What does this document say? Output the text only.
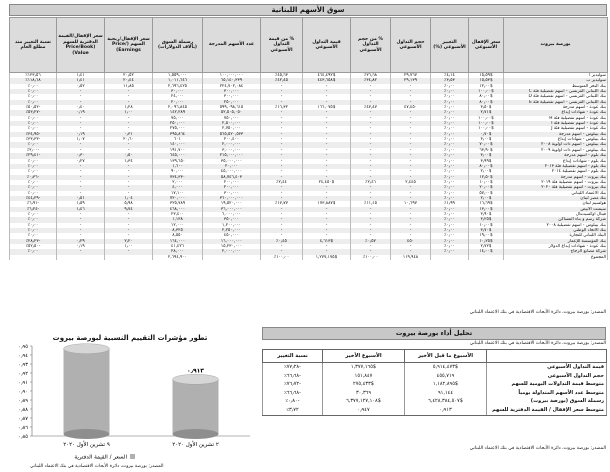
سوق الأسهم اللبنانية
بورصة بيروت	سعر الإقفال الأسبوعي	التغيير الأسبوعي (%)	حجم التداول الأسبوعي	% من حجم التداول الأسبوعي	قيمة التداول الأسبوعي	% من قيمة التداول الأسبوعي	عدد الأسهم المدرجة	رسملة السوق (بآلاف الدولارات)	سعر الإقفال/ربحية السهم (Price/ Earnings)	سعر الإقفال/القيمة الدفترية للسهم (Price/Book Value)	نسبة التغيير منذ مطلع العام
سوليدير أ	$١٥٫٥٩	٤٫١٤٪	٢٩,٧٦٧	٣٦٫٦٨٪	$٤٦٤,٤٩٢	٤٥٫٦٣٪	١٠٠,٠٠٠,٠٠٠	١,٥٥٩,٠٠٠	٢٠٫٥٢	١٫٤١	١٢٣٫٥٦٪
سوليدير ب	$١٥٫٥٣	٣٫٥٣٪	٢٩,١٣٩	٣٤٫٨٢٪	$٤٤٣,٦٥٨	٤٢٫٤٥٪	٦٥,١٤٠,٣٣٩	١,٠١١,٦٤٦	٢٠٫٤٤	١٫٤١	١١٨٫٦٨٪
بنك البحر المتوسط	$١٢٫٠٠	٠٫٠٠٪	-	-	-	-	٢٢٤,٧٠٢,٠٨٤	٢,٦٩٦,٤٢٥	١١٫٨٥	٠٫٥٢	٠٫٠٠٪
بنك اللبناني الفرنسي - أسهم تفضيلية فئة C	$١٠٠٫٠٠	٠٫٠٠٪	-	-	-	-	٣٠٠,٠٠٠	٣٠,٠٠٠	-	-	٠٫٠٠٪
بنك اللبناني الفرنسي - أسهم تفضيلية فئة D	$٨٠٫٠٠	٠٫٠٠٪	-	-	-	-	٣٠٠,٠٠٠	٢٤,٠٠٠	-	-	٠٫٠٠٪
بنك اللبناني الفرنسي - أسهم تفضيلية فئة E	$٨٠٫٠٠	٠٫٠٠٪	-	-	-	-	٢٥٠,٠٠٠	٢٠,٠٠٠	-	-	٠٫٠٠٪
بنك عودة - أسهم مدرجة	$٣٫٥٠	٠٫٠٠٪	٤٧,٤٥٠	٤٧٫٤٧٪	$١٦٦,٠٧٥	١٦٫٣٢٪	٥٩٩,٠٩٨,٦١٥	٢,٠٩٦,٨٤٥	١٫٢٨	٠٫٤٠	-٥٠٫٥٢٪
بنك عودة - شهادات إيداع	$٢٫٧١	٠٫٠٠٪	-	-	-	-	٥٢,٥٠٥,٠٥٠	١٤٢,٢٨٩	١٫٠٠	٠٫١٩	-٥٣٫٢٧٪
بنك عودة - أسهم تفضيلية فئة H	$١٠٠٫٠٠	٠٫٠٠٪	-	-	-	-	٧٥٠,٠٠٠	٧٥,٠٠٠	-	-	٠٫٠٠٪
بنك عودة - أسهم تفضيلية فئة I	$١٠٠٫٠٠	٠٫٠٠٪	-	-	-	-	٢,٥٠٠,٠٠٠	٢٥٠,٠٠٠	-	-	٠٫٠٠٪
بنك عودة - أسهم تفضيلية فئة J	$١٠٠٫٠٠	٠٫٠٠٪	-	-	-	-	٢,٧٥٠,٠٠٠	٢٧٥,٠٠٠	-	-	٠٫٠٠٪
بنك بيبلوس - أسهم مدرجة	$٠٫٧٠	٠٫٠٠٪	-	-	-	-	٥٦٥,٥٢٠,٥٣٣	٣٩٥,٨٦٤	٠٫٣١	٠٫١٩	-٣٤٫٩٥٪
بنك بيبلوس - شهادات إيداع	$٣٫٠٠	٠٫٠٠٪	-	-	-	-	٢٠٠,٤٠٠	٦٠١	٢٠٫٦٠	١٫٠٧	-٣٣٫٣٣٪
بنك بيبلوس - أسهم ذات أولوية ٢٠٠٨	$٧٠٫٠٠	٠٫٠٠٪	-	-	-	-	٢,٠٠٠,٠٠٠	١٤٠,٠٠٠	-	-	٠٫٠٠٪
بنك بيبلوس - أسهم ذات أولوية ٢٠٠٩	$٦٣٫٩٠	٠٫٠٠٪	-	-	-	-	٣,٠٠٠,٠٠٠	١٩١,٧٠٠	-	-	-٢٫٠٠٪
بنك بلوم - أسهم مدرجة	$٣٫٠٠	٠٫٠٠٪	-	-	-	-	٢١٥,٠٠٠,٠٠٠	٦٤٥,٠٠٠	٠٫٥٠	٠٫٣٠	-٢٩٫٤١٪
بنك بلوم - شهادات إيداع	$٣٫٩٩	٠٫٠٠٪	-	-	-	-	٣٥,٠٠٠,٠٠٠	١٣٩,٦٥٠	١٫٣٤	٠٫٢٧	٠٫٠٠٪
بنك بلوم - أسهم تفضيلية فئة ٢٠١٣	$٨٠٫٠٠	٠٫٠٠٪	-	-	-	-	٢٠,٠٠٠	١,٦٠٠	-	-	٠٫٠٠٪
بنك بلوم - أسهم تفضيلية ٢٠١٤	$٢٫٠٠	٠٫٠٠٪	-	-	-	-	٤٥,٠٠٠,٠٠٠	٩٠,٠٠٠	-	-	٠٫٠٠٪
بنك بيروت - أسهم مدرجة	$١٢٫٥٠	٠٫٠٠٪	-	-	-	-	٥٨,٧٤٦,٤٠٣	٧٣٤,٣٣٠	-	-	-٠٫٣٦٪
بنك بيروت - أسهم تفضيلية فئة ٢٠١٩	$١٠٫٠٠	٠٫٠٠٪	٢,٤٤٥	٢٫٤٦٪	$٢٤,٤٥٠	٢٫٤٤٪	٢٠٠,٠٠٠	٢,٠٠٠	-	-	٠٫٠٠٪
بنك بيروت - أسهم تفضيلية فئة ٢٠٢٠	$٢٠٫٠٠	٠٫٠٠٪	-	-	-	-	٢٠٠,٠٠٠	٤,٠٠٠	-	-	٠٫٠٠٪
بنك الاعتماد اللبناني	$٥٧٫٠٠	٠٫٠٠٪	-	-	-	-	٣٠٠,٠٠٠	١٧,١٠٠	-	-	٠٫٠٠٪
بنك مصر لبنان	$٢٫٠٠	٠٫٠٠٪	-	-	-	-	٣٦٠,٠٠٠,٠٠٠	٧٢٠,٠٠٠	١٫٠٤	٠٫٥١	-٤٤٫٢٩٪
هولسيم لبنان	$١٦٫٦٩	١٫٩٩٪	١٠,٦٩٧	١١٫١٥٪	$١٧٣,٨٨٧	١٧٫٧٧٪	١٩,٥٢٠,٠٠٠	٣٢٥,٧٨٩	٥٫٩٨	١٫٥٩	-٦٫٩١٪
سيمنت الأبيض	$١٣٫٠٠	٠٫٠٠٪	-	-	-	-	٣٦,٠٠٠,٠٠٠	٤٦٨,٠٠٠	٩٫٧٤	١٫٤٦	-٦٫٢٤٪
فيتال أوكسيدنتال	$٣٫٩٠	٠٫٠٠٪	-	-	-	-	٦,٠٠٠,٠٠٠	٢٣,٤٠٠	-	-	٠٫٠٠٪
شركة رسم و بناء المساكن	$٣٫٢٥	٠٫٠٠٪	-	-	-	-	٣٥٠,٠٠٠	١,١٣٨	-	-	٠٫٠٠٪
بنك بيبلوس - أسهم تفضيلية ٢٠٠٨	$١٠٫٠٠	٠٫٠٠٪	-	-	-	-	١,٢٠٠,٠٠٠	١٢,٠٠٠	-	-	٠٫٠٠٪
بنك الاتحاد الوطني	$٣٫٧٠	٠٫٠٠٪	-	-	-	-	٢,٢٥٠,٠٠٠	٨,٣٢٥	-	-	٠٫٠٠٪
البنك اللبناني للتجارة	$١٩٫٠٠	٠٫٠٠٪	-	-	-	-	٤٥٠,٠٠٠	٨,٥٥٠	-	-	٠٫٠٠٪
بنك المؤسسة للإعمار	$١٠٫٢٥	٠٫٠٠٪	٤٥٠	٠٫٥٧٪	$٤,٦١٣	٠٫٤٥٪	١٦,٠٠٠,٠٠٠	١٦٤,٠٠٠	٢٫٢٠	٠٫٢٩	-٢٨٫٢٣٪
بنك عودة - شهادات إيداع الدولار	$٢٫٧٢	٠٫٠٠٪	-	-	-	-	١٥,٢٣٠,٠٠٠	٤١,٤٢٦	١٫٠٠	٠٫١٩	-٥٢٫٥٠٪
شركة مصانع الزجاج	$١٤٫٠٠	٠٫٠٠٪	-	-	-	-	٢,٠٠٠,٠٠٠	٢٨,٠٠٠	-	-	٠٫٠٠٪
المجموع			١١٩,٩٤٨	١٠٠٫٠٠٪	$١,٢٧٧,١٧٥	١٠٠٫٠٠٪		٢,٦٩٤,٩٠٠			
المصدر: بورصة بيروت، دائرة الأبحاث الاقتصادية في بنك الاعتماد اللبناني
تحليل أداء بورصة بيروت
المصدر: بورصة بيروت، دائرة الأبحاث الاقتصادية في بنك الاعتماد اللبناني
	الأسبوع ما قبل الأخير	الأسبوع الأخير	نسبة التغيير
قيمة التداول الأسبوعي	$٥,٩١٤,٤٧٣	$١,٣٧٧,١٦٥	-٧٧٫٢٨٪
حجم التداول الأسبوعي	٤٥٥,٧١٩	١٥١,٨٤٧	-٦٦٫٦٨٪
متوسط قيمة التداولات اليومية للسهم	$١,١٨٢,٨٩٥	$٢٧٥,٤٣٣	-٧٦٫٧٢٪
متوسط عدد الأسهم المتداولة يومياً	٩١,١٤٤	٣٠,٣٦٩	-٦٦٫٦٨٪
رسملة السوق (بورصة بيروت)	$٦,٤٢٨,٣٨٤,٥٠٧	$٦,٣٧٧,١٢٧,١٠٨	-٠٫٨٠٪
متوسط سعر الإقفال / القيمة الدفترية للسهم	٠٫٩١٣	٠٫٩٤٧	٣٫٧٢٪
المصدر: بورصة بيروت، دائرة الأبحاث الاقتصادية في بنك الاعتماد اللبناني
تطور مؤشرات التقييم النسبية لبورصة بيروت
٠٫٨٥
٠٫٨٦
٠٫٨٧
٠٫٨٨
٠٫٨٩
٠٫٩٠
٠٫٩١
٠٫٩٢
٠٫٩٣
٠٫٩٤
٠٫٩٥
٩ تشرين الأول ٢٠٢٠
٠٫٩١٣
٢ تشرين الأول ٢٠٢٠
السعر / القيمة الدفترية
المصدر: بورصة بيروت، دائرة الأبحاث الاقتصادية في بنك الاعتماد اللبناني
